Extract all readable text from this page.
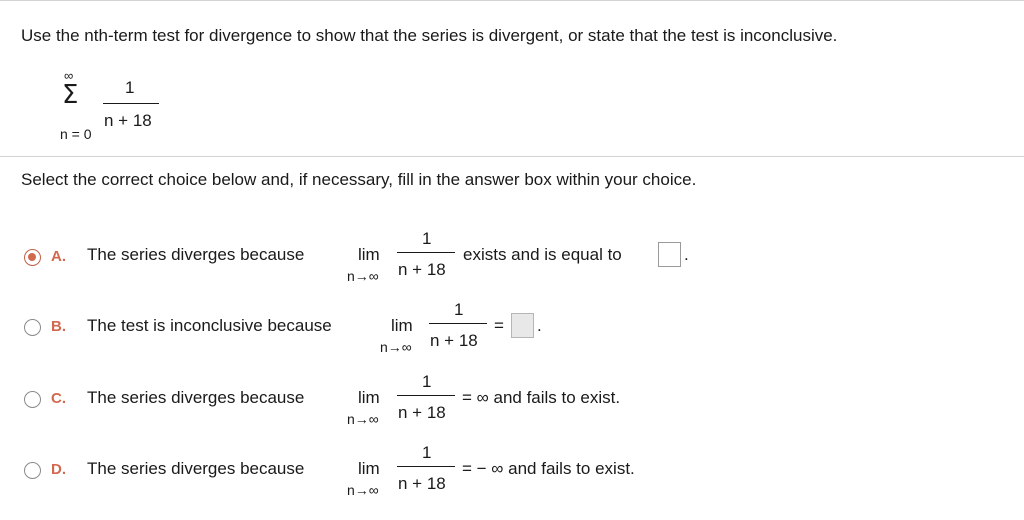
Use the nth-term test for divergence to show that the series is divergent, or state that the test is inconclusive.
∞
Σ	1
n + 18
n = 0
Select the correct choice below and, if necessary, fill in the answer box within your choice.
A. The series diverges because	lim
n→∞
1
n + 18
exists and is equal to	.
B. The test is inconclusive because	lim
n→∞
1
n + 18
= .
C. The series diverges because	lim
n→∞
1
n + 18
= ∞ and fails to exist.
D. The series diverges because	lim
n→∞
1
n + 18
= − ∞ and fails to exist.
